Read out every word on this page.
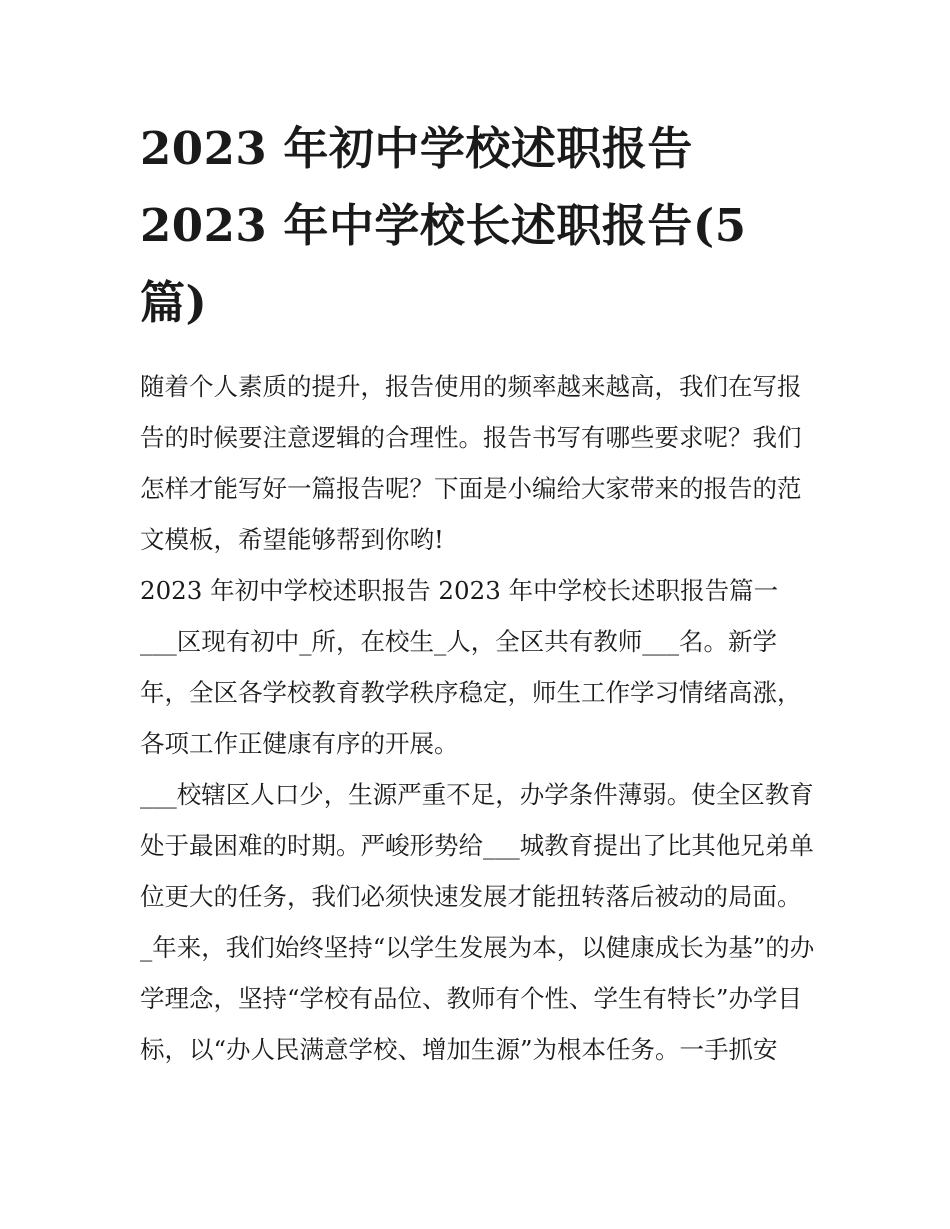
2023 年初中学校述职报告
2023 年中学校长述职报告(5
篇)

随着个人素质的提升，报告使用的频率越来越高，我们在写报告的时候要注意逻辑的合理性。报告书写有哪些要求呢？我们怎样才能写好一篇报告呢？下面是小编给大家带来的报告的范文模板，希望能够帮到你哟!

2023 年初中学校述职报告 2023 年中学校长述职报告篇一

___区现有初中_所，在校生_人，全区共有教师___名。新学年，全区各学校教育教学秩序稳定，师生工作学习情绪高涨，各项工作正健康有序的开展。

___校辖区人口少，生源严重不足，办学条件薄弱。使全区教育处于最困难的时期。严峻形势给___城教育提出了比其他兄弟单位更大的任务，我们必须快速发展才能扭转落后被动的局面。

_年来，我们始终坚持“以学生发展为本，以健康成长为基”的办学理念，坚持“学校有品位、教师有个性、学生有特长”办学目标，以“办人民满意学校、增加生源”为根本任务。一手抓安
